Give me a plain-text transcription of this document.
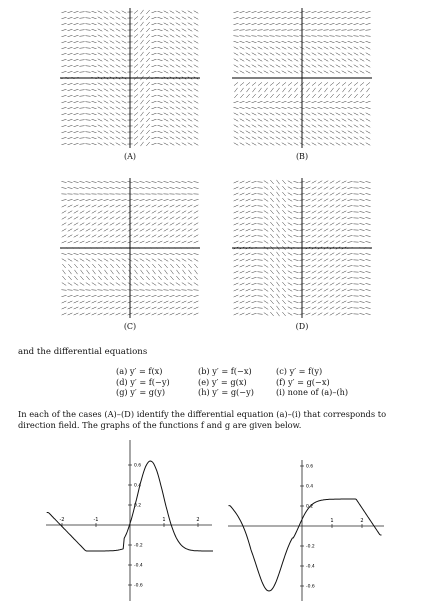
(A)	(B)
(C)	(D)
and the differential equations
(a) y′ = f(x)	(b) y′ = f(−x)	(c) y′ = f(y)
(d) y′ = f(−y)	(e) y′ = g(x)	(f) y′ = g(−x)
(g) y′ = g(y)	(h) y′ = g(−y)	(i) none of (a)–(h)
In each of the cases (A)–(D) identify the differential equation (a)–(i) that corresponds to
direction field. The graphs of the functions f and g are given below.
-2	-1	1	2
0.6
0.4
0.2
-0.2
-0.4
-0.6
1	2
0.6
0.4
0.2
-0.2
-0.4
-0.6
